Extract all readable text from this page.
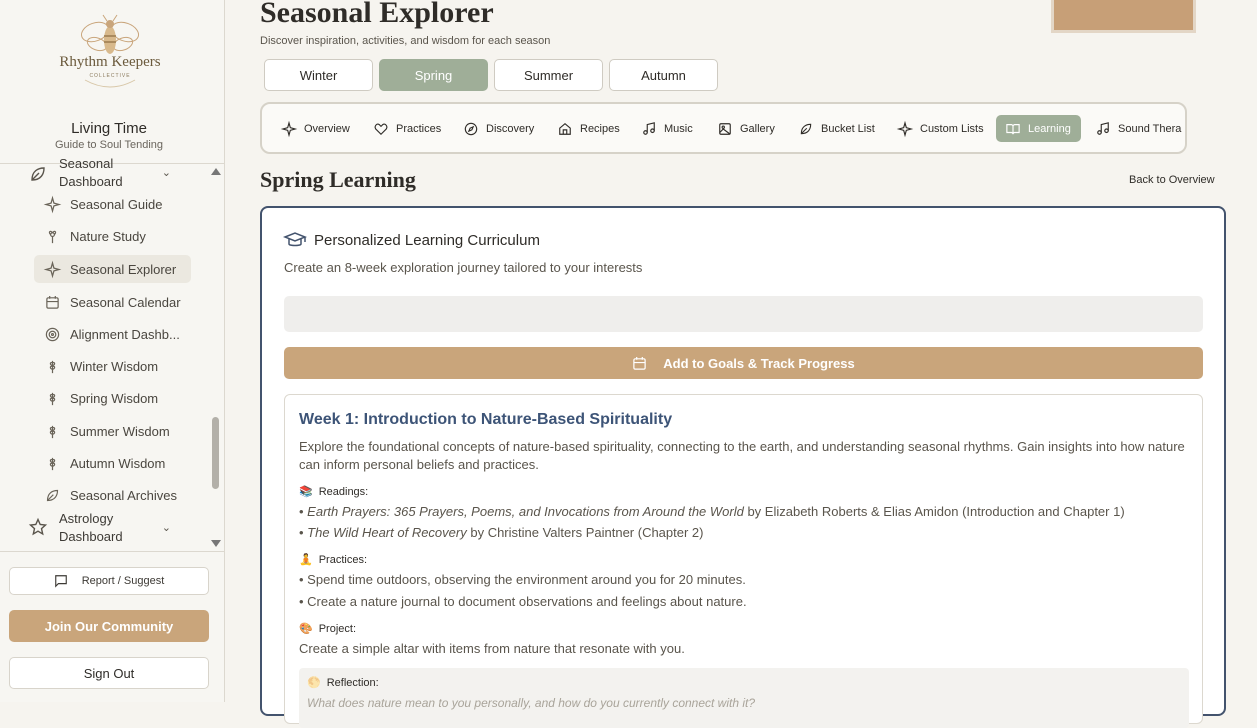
Rhythm Keepers
COLLECTIVE
Living Time
Guide to Soul Tending
Seasonal Dashboard
⌄
Seasonal Guide
Nature Study
Seasonal Explorer
Seasonal Calendar
Alignment Dashb...
Winter Wisdom
Spring Wisdom
Summer Wisdom
Autumn Wisdom
Seasonal Archives
Astrology Dashboard
⌄
Report / Suggest
Join Our Community
Sign Out
Seasonal Explorer
Discover inspiration, activities, and wisdom for each season
Winter	Spring	Summer	Autumn
Overview	Practices	Discovery	Recipes	Music	Gallery	Bucket List	Custom Lists	Learning	Sound Thera
Spring Learning	Back to Overview
Personalized Learning Curriculum
Create an 8-week exploration journey tailored to your interests
Add to Goals & Track Progress
Week 1: Introduction to Nature-Based Spirituality
Explore the foundational concepts of nature-based spirituality, connecting to the earth, and understanding seasonal rhythms. Gain insights into how nature can inform personal beliefs and practices.
📚 Readings:
• Earth Prayers: 365 Prayers, Poems, and Invocations from Around the World by Elizabeth Roberts & Elias Amidon (Introduction and Chapter 1)
• The Wild Heart of Recovery by Christine Valters Paintner (Chapter 2)
🧘 Practices:
• Spend time outdoors, observing the environment around you for 20 minutes.
• Create a nature journal to document observations and feelings about nature.
🎨 Project:
Create a simple altar with items from nature that resonate with you.
🌕 Reflection:
What does nature mean to you personally, and how do you currently connect with it?
